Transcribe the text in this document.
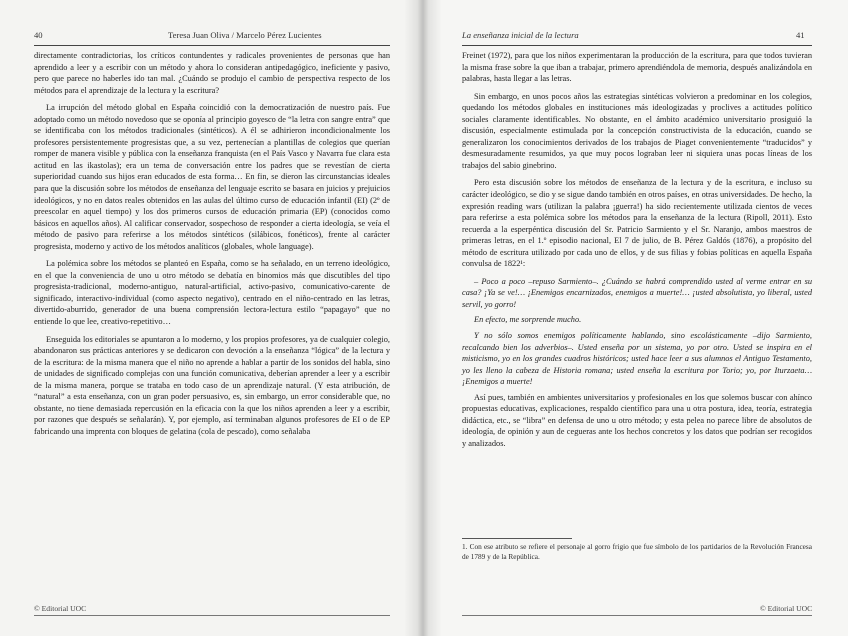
40	Teresa Juan Oliva / Marcelo Pérez Lucientes

directamente contradictorias, los críticos contundentes y radicales provenientes de personas que han aprendido a leer y a escribir con un método y ahora lo consideran antipedagógico, ineficiente y pasivo, pero que parece no haberles ido tan mal. ¿Cuándo se produjo el cambio de perspectiva respecto de los métodos para el aprendizaje de la lectura y la escritura?

La irrupción del método global en España coincidió con la democratización de nuestro país. Fue adoptado como un método novedoso que se oponía al principio goyesco de “la letra con sangre entra” que se identificaba con los métodos tradicionales (sintéticos). A él se adhirieron incondicionalmente los profesores persistentemente progresistas que, a su vez, pertenecían a plantillas de colegios que querían romper de manera visible y pública con la enseñanza franquista (en el País Vasco y Navarra fue clara esta actitud en las ikastolas); era un tema de conversación entre los padres que se revestían de cierta superioridad cuando sus hijos eran educados de esta forma… En fin, se dieron las circunstancias ideales para que la discusión sobre los métodos de enseñanza del lenguaje escrito se basara en juicios y prejuicios ideológicos, y no en datos reales obtenidos en las aulas del último curso de educación infantil (EI) (2º de preescolar en aquel tiempo) y los dos primeros cursos de educación primaria (EP) (conocidos como básicos en aquellos años). Al calificar conservador, sospechoso de responder a cierta ideología, se veía el método de pasivo para referirse a los métodos sintéticos (silábicos, fonéticos), frente al carácter progresista, moderno y activo de los métodos analíticos (globales, whole language).

La polémica sobre los métodos se planteó en España, como se ha señalado, en un terreno ideológico, en el que la conveniencia de uno u otro método se debatía en binomios más que discutibles del tipo progresista-tradicional, moderno-antiguo, natural-artificial, activo-pasivo, comunicativo-carente de significado, interactivo-individual (como aspecto negativo), centrado en el niño-centrado en las letras, divertido-aburrido, generador de una buena comprensión lectora-lectura estilo “papagayo” que no entiende lo que lee, creativo-repetitivo…

Enseguida los editoriales se apuntaron a lo moderno, y los propios profesores, ya de cualquier colegio, abandonaron sus prácticas anteriores y se dedicaron con devoción a la enseñanza “lógica” de la lectura y de la escritura: de la misma manera que el niño no aprende a hablar a partir de los sonidos del habla, sino de unidades de significado complejas con una función comunicativa, deberían aprender a leer y a escribir de la misma manera, porque se trataba en todo caso de un aprendizaje natural. (Y esta atribución, de “natural” a esta enseñanza, con un gran poder persuasivo, es, sin embargo, un error considerable que, no obstante, no tiene demasiada repercusión en la eficacia con la que los niños aprenden a leer y a escribir, por razones que después se señalarán). Y, por ejemplo, así terminaban algunos profesores de EI o de EP fabricando una imprenta con bloques de gelatina (cola de pescado), como señalaba

© Editorial UOC
La enseñanza inicial de la lectura	41

Freinet (1972), para que los niños experimentaran la producción de la escritura, para que todos tuvieran la misma frase sobre la que iban a trabajar, primero aprendiéndola de memoria, después analizándola en palabras, hasta llegar a las letras.

Sin embargo, en unos pocos años las estrategias sintéticas volvieron a predominar en los colegios, quedando los métodos globales en instituciones más ideologizadas y proclives a actitudes político sociales claramente identificables. No obstante, en el ámbito académico universitario prosiguió la discusión, especialmente estimulada por la concepción constructivista de la educación, cuando se generalizaron los conocimientos derivados de los trabajos de Piaget convenientemente “traducidos” y desmesuradamente resumidos, ya que muy pocos lograban leer ni siquiera unas pocas líneas de los trabajos del sabio ginebrino.

Pero esta discusión sobre los métodos de enseñanza de la lectura y de la escritura, e incluso su carácter ideológico, se dio y se sigue dando también en otros países, en otras universidades. De hecho, la expresión reading wars (utilizan la palabra ¡guerra!) ha sido recientemente utilizada cientos de veces para referirse a esta polémica sobre los métodos para la enseñanza de la lectura (Ripoll, 2011). Esto recuerda a la esperpéntica discusión del Sr. Patricio Sarmiento y el Sr. Naranjo, ambos maestros de primeras letras, en el 1.º episodio nacional, El 7 de julio, de B. Pérez Galdós (1876), a propósito del método de escritura utilizado por cada uno de ellos, y de sus filias y fobias políticas en aquella España convulsa de 1822¹:

– Poco a poco –repuso Sarmiento–. ¿Cuándo se habrá comprendido usted al verme entrar en su casa? ¡Ya se ve!… ¡Enemigos encarnizados, enemigos a muerte!… ¡usted absolutista, yo liberal, usted servil, yo gorro!

En efecto, me sorprende mucho.

Y no sólo somos enemigos políticamente hablando, sino escolásticamente –dijo Sarmiento, recalcando bien los adverbios–. Usted enseña por un sistema, yo por otro. Usted se inspira en el misticismo, yo en los grandes cuadros históricos; usted hace leer a sus alumnos el Antiguo Testamento, yo les lleno la cabeza de Historia romana; usted enseña la escritura por Torio; yo, por Iturzaeta… ¡Enemigos a muerte!

Así pues, también en ambientes universitarios y profesionales en los que solemos buscar con ahínco propuestas educativas, explicaciones, respaldo científico para una u otra postura, idea, teoría, estrategia didáctica, etc., se “libra” en defensa de uno u otro método; y esta pelea no parece libre de absolutos de ideología, de opinión y aun de cegueras ante los hechos concretos y los datos que podrían ser recogidos y analizados.

1. Con ese atributo se refiere el personaje al gorro frigio que fue símbolo de los partidarios de la Revolución Francesa de 1789 y de la República.
© Editorial UOC
